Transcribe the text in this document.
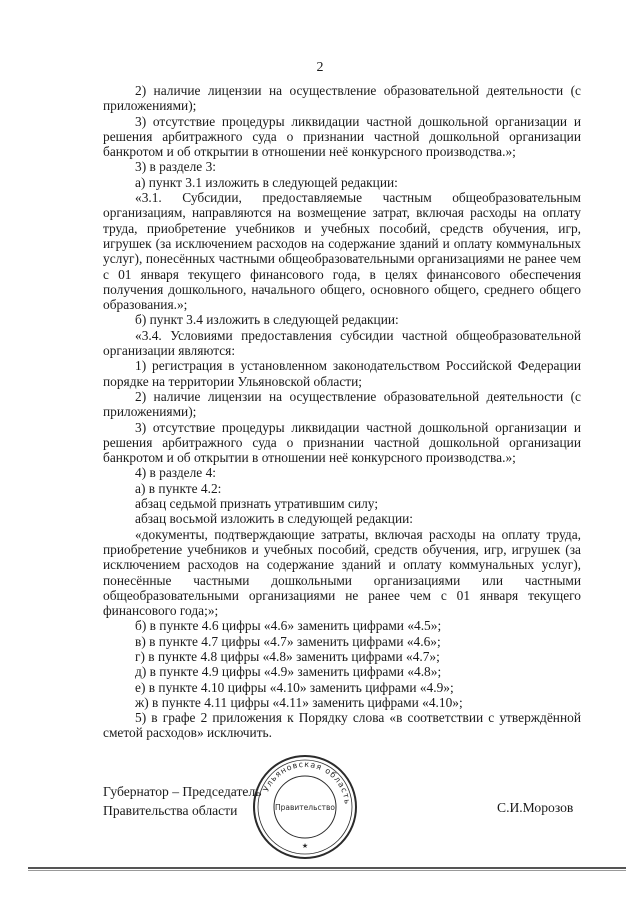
2

2) наличие лицензии на осуществление образовательной деятельности (с приложениями);

3) отсутствие процедуры ликвидации частной дошкольной организации и решения арбитражного суда о признании частной дошкольной организации банкротом и об открытии в отношении неё конкурсного производства.»;

3) в разделе 3:

а) пункт 3.1 изложить в следующей редакции:

«3.1. Субсидии, предоставляемые частным общеобразовательным организациям, направляются на возмещение затрат, включая расходы на оплату труда, приобретение учебников и учебных пособий, средств обучения, игр, игрушек (за исключением расходов на содержание зданий и оплату коммунальных услуг), понесённых частными общеобразовательными организациями не ранее чем с 01 января текущего финансового года, в целях финансового обеспечения получения дошкольного, начального общего, основного общего, среднего общего образования.»;

б) пункт 3.4 изложить в следующей редакции:

«3.4. Условиями предоставления субсидии частной общеобразовательной организации являются:

1) регистрация в установленном законодательством Российской Федерации порядке на территории Ульяновской области;

2) наличие лицензии на осуществление образовательной деятельности (с приложениями);

3) отсутствие процедуры ликвидации частной дошкольной организации и решения арбитражного суда о признании частной дошкольной организации банкротом и об открытии в отношении неё конкурсного производства.»;

4) в разделе 4:

а) в пункте 4.2:

абзац седьмой признать утратившим силу;

абзац восьмой изложить в следующей редакции:

«документы, подтверждающие затраты, включая расходы на оплату труда, приобретение учебников и учебных пособий, средств обучения, игр, игрушек (за исключением расходов на содержание зданий и оплату коммунальных услуг), понесённые частными дошкольными организациями или частными общеобразовательными организациями не ранее чем с 01 января текущего финансового года;»;

б) в пункте 4.6 цифры «4.6» заменить цифрами «4.5»;

в) в пункте 4.7 цифры «4.7» заменить цифрами «4.6»;

г) в пункте 4.8 цифры «4.8» заменить цифрами «4.7»;

д) в пункте 4.9 цифры «4.9» заменить цифрами «4.8»;

е) в пункте 4.10 цифры «4.10» заменить цифрами «4.9»;

ж) в пункте 4.11 цифры «4.11» заменить цифрами «4.10»;

5) в графе 2 приложения к Порядку слова «в соответствии с утверждённой сметой расходов» исключить.

Губернатор – Председатель
Правительства области	С.И.Морозов
Ульяновская область
Правительство
★
